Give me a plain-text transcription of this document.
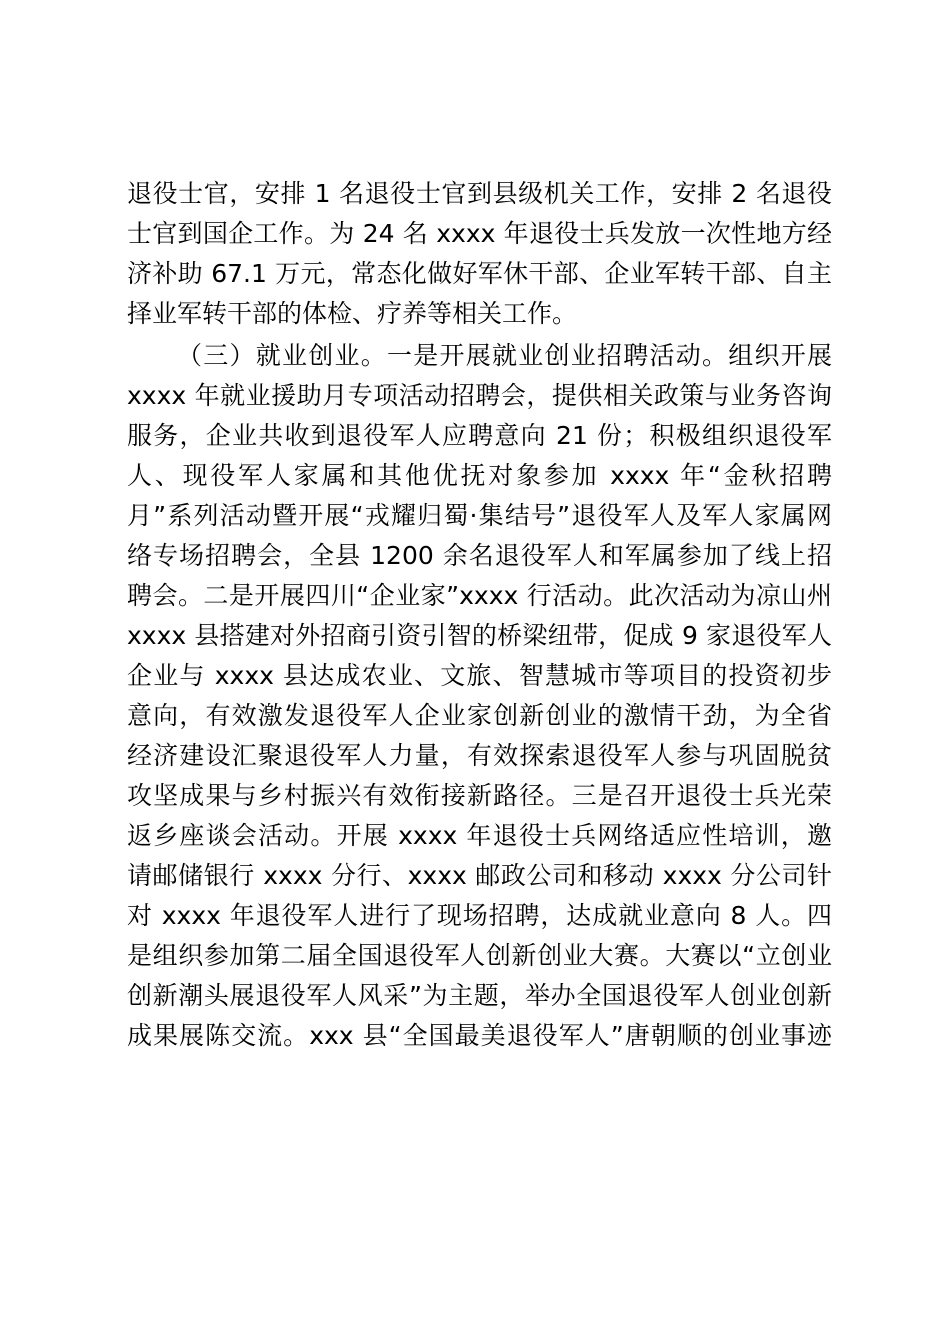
退役士官，安排 1 名退役士官到县级机关工作，安排 2 名退役
士官到国企工作。为 24 名 xxxx 年退役士兵发放一次性地方经
济补助 67.1 万元，常态化做好军休干部、企业军转干部、自主
择业军转干部的体检、疗养等相关工作。
（三）就业创业。一是开展就业创业招聘活动。组织开展
xxxx 年就业援助月专项活动招聘会，提供相关政策与业务咨询
服务，企业共收到退役军人应聘意向 21 份；积极组织退役军
人、现役军人家属和其他优抚对象参加 xxxx 年“金秋招聘
月”系列活动暨开展“戎耀归蜀·集结号”退役军人及军人家属网
络专场招聘会，全县 1200 余名退役军人和军属参加了线上招
聘会。二是开展四川“企业家”xxxx 行活动。此次活动为凉山州
xxxx 县搭建对外招商引资引智的桥梁纽带，促成 9 家退役军人
企业与 xxxx 县达成农业、文旅、智慧城市等项目的投资初步
意向，有效激发退役军人企业家创新创业的激情干劲，为全省
经济建设汇聚退役军人力量，有效探索退役军人参与巩固脱贫
攻坚成果与乡村振兴有效衔接新路径。三是召开退役士兵光荣
返乡座谈会活动。开展 xxxx 年退役士兵网络适应性培训，邀
请邮储银行 xxxx 分行、xxxx 邮政公司和移动 xxxx 分公司针
对 xxxx 年退役军人进行了现场招聘，达成就业意向 8 人。四
是组织参加第二届全国退役军人创新创业大赛。大赛以“立创业
创新潮头展退役军人风采”为主题，举办全国退役军人创业创新
成果展陈交流。xxx 县“全国最美退役军人”唐朝顺的创业事迹
